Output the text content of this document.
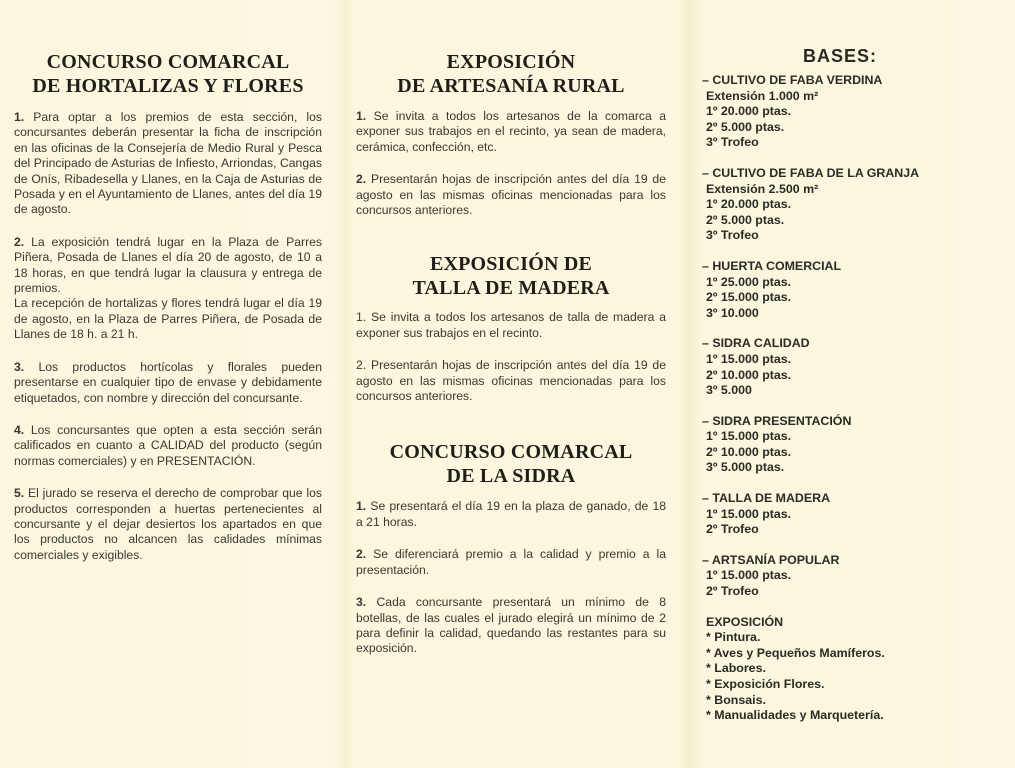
CONCURSO COMARCAL
DE HORTALIZAS Y FLORES

1. Para optar a los premios de esta sección, los concursantes deberán presentar la ficha de inscripción en las oficinas de la Consejería de Medio Rural y Pesca del Principado de Asturias de Infiesto, Arriondas, Cangas de Onís, Ribadesella y Llanes, en la Caja de Asturias de Posada y en el Ayuntamiento de Llanes, antes del día 19 de agosto.

2. La exposición tendrá lugar en la Plaza de Parres Piñera, Posada de Llanes el día 20 de agosto, de 10 a 18 horas, en que tendrá lugar la clausura y entrega de premios.

La recepción de hortalizas y flores tendrá lugar el día 19 de agosto, en la Plaza de Parres Piñera, de Posada de Llanes de 18 h. a 21 h.

3. Los productos hortícolas y florales pueden presentarse en cualquier tipo de envase y debidamente etiquetados, con nombre y dirección del concursante.

4. Los concursantes que opten a esta sección serán calificados en cuanto a CALIDAD del producto (según normas comerciales) y en PRESENTACIÓN.

5. El jurado se reserva el derecho de comprobar que los productos corresponden a huertas pertenecientes al concursante y el dejar desiertos los apartados en que los productos no alcancen las calidades mínimas comerciales y exigibles.

EXPOSICIÓN
DE ARTESANÍA RURAL

1. Se invita a todos los artesanos de la comarca a exponer sus trabajos en el recinto, ya sean de madera, cerámica, confección, etc.

2. Presentarán hojas de inscripción antes del día 19 de agosto en las mismas oficinas mencionadas para los concursos anteriores.

EXPOSICIÓN DE
TALLA DE MADERA

1. Se invita a todos los artesanos de talla de madera a exponer sus trabajos en el recinto.

2. Presentarán hojas de inscripción antes del día 19 de agosto en las mismas oficinas mencionadas para los concursos anteriores.

CONCURSO COMARCAL
DE LA SIDRA

1. Se presentará el día 19 en la plaza de ganado, de 18 a 21 horas.

2. Se diferenciará premio a la calidad y premio a la presentación.

3. Cada concursante presentará un mínimo de 8 botellas, de las cuales el jurado elegirá un mínimo de 2 para definir la calidad, quedando las restantes para su exposición.

BASES:
– CULTIVO DE FABA VERDINA
Extensión 1.000 m²
1º 20.000 ptas.
2º 5.000 ptas.
3º Trofeo
– CULTIVO DE FABA DE LA GRANJA
Extensión 2.500 m²
1º 20.000 ptas.
2º 5.000 ptas.
3º Trofeo
– HUERTA COMERCIAL
1º 25.000 ptas.
2º 15.000 ptas.
3º 10.000
– SIDRA CALIDAD
1º 15.000 ptas.
2º 10.000 ptas.
3º 5.000
– SIDRA PRESENTACIÓN
1º 15.000 ptas.
2º 10.000 ptas.
3º 5.000 ptas.
– TALLA DE MADERA
1º 15.000 ptas.
2º Trofeo
– ARTSANÍA POPULAR
1º 15.000 ptas.
2º Trofeo
EXPOSICIÓN
* Pintura.
* Aves y Pequeños Mamíferos.
* Labores.
* Exposición Flores.
* Bonsais.
* Manualidades y Marquetería.
